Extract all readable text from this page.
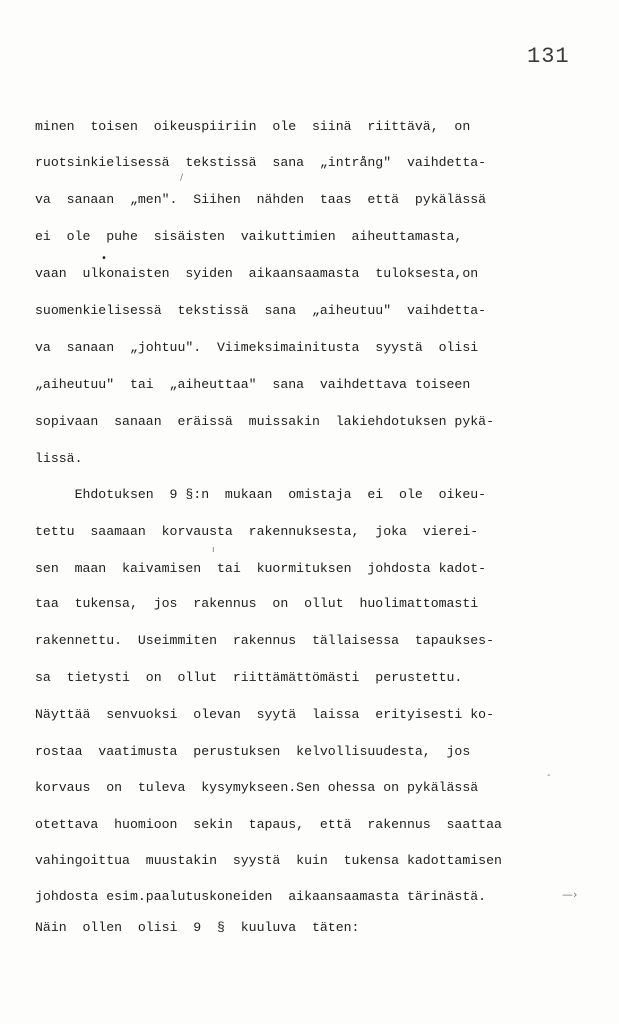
131
minen  toisen  oikeuspiiriin  ole  siinä  riittävä,  on
ruotsinkielisessä  tekstissä  sana  „intrång"  vaihdetta-
va  sanaan  „men".  Siihen  nähden  taas  että  pykälässä
ei  ole  puhe  sisäisten  vaikuttimien  aiheuttamasta,
vaan  ulkonaisten  syiden  aikaansaamasta  tuloksesta,on
suomenkielisessä  tekstissä  sana  „aiheutuu"  vaihdetta-
va  sanaan  „johtuu".  Viimeksimainitusta  syystä  olisi
„aiheutuu"  tai  „aiheuttaa"  sana  vaihdettava toiseen
sopivaan  sanaan  eräissä  muissakin  lakiehdotuksen pykä-
lissä.
Ehdotuksen  9 §:n  mukaan  omistaja  ei  ole  oikeu-
tettu  saamaan  korvausta  rakennuksesta,  joka  vierei-
sen  maan  kaivamisen  tai  kuormituksen  johdosta kadot-
taa  tukensa,  jos  rakennus  on  ollut  huolimattomasti
rakennettu.  Useimmiten  rakennus  tällaisessa  tapaukses-
sa  tietysti  on  ollut  riittämättömästi  perustettu.
Näyttää  senvuoksi  olevan  syytä  laissa  erityisesti ko-
rostaa  vaatimusta  perustuksen  kelvollisuudesta,  jos
korvaus  on  tuleva  kysymykseen.Sen ohessa on pykälässä
otettava  huomioon  sekin  tapaus,  että  rakennus  saattaa
vahingoittua  muustakin  syystä  kuin  tukensa kadottamisen
johdosta esim.paalutuskoneiden  aikaansaamasta tärinästä.
Näin  ollen  olisi  9  §  kuuluva  täten:
/
•
ı
-
—›
